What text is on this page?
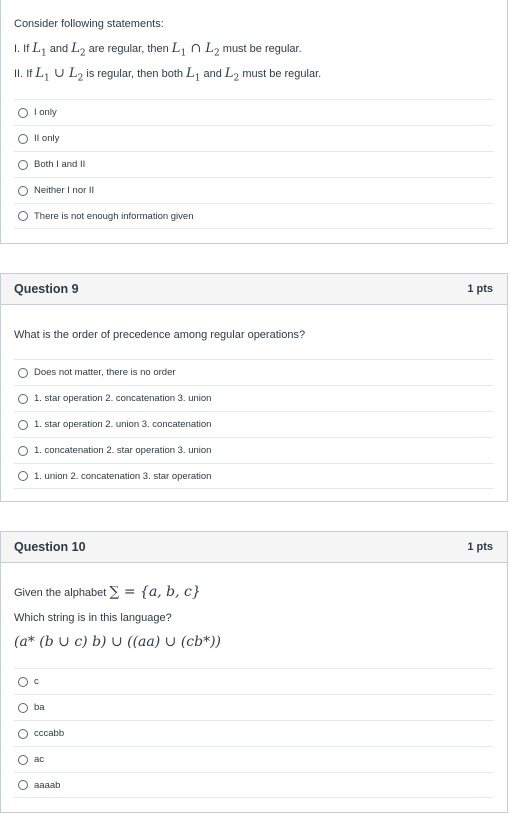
Consider following statements:
I. If $L_1$ and $L_2$ are regular, then $L_1$ ∩ $L_2$ must be regular.
II. If $L_1$ ∪ $L_2$ is regular, then both $L_1$ and $L_2$ must be regular.
I only
II only
Both I and II
Neither I nor II
There is not enough information given
Question 9	1 pts
What is the order of precedence among regular operations?
Does not matter, there is no order
1. star operation 2. concatenation 3. union
1. star operation 2. union 3. concatenation
1. concatenation 2. star operation 3. union
1. union 2. concatenation 3. star operation
Question 10	1 pts
Given the alphabet ∑ = {a, b, c}
Which string is in this language?
(a* (b ∪ c) b) ∪ ((aa) ∪ (cb*))
c
ba
cccabb
ac
aaaab
